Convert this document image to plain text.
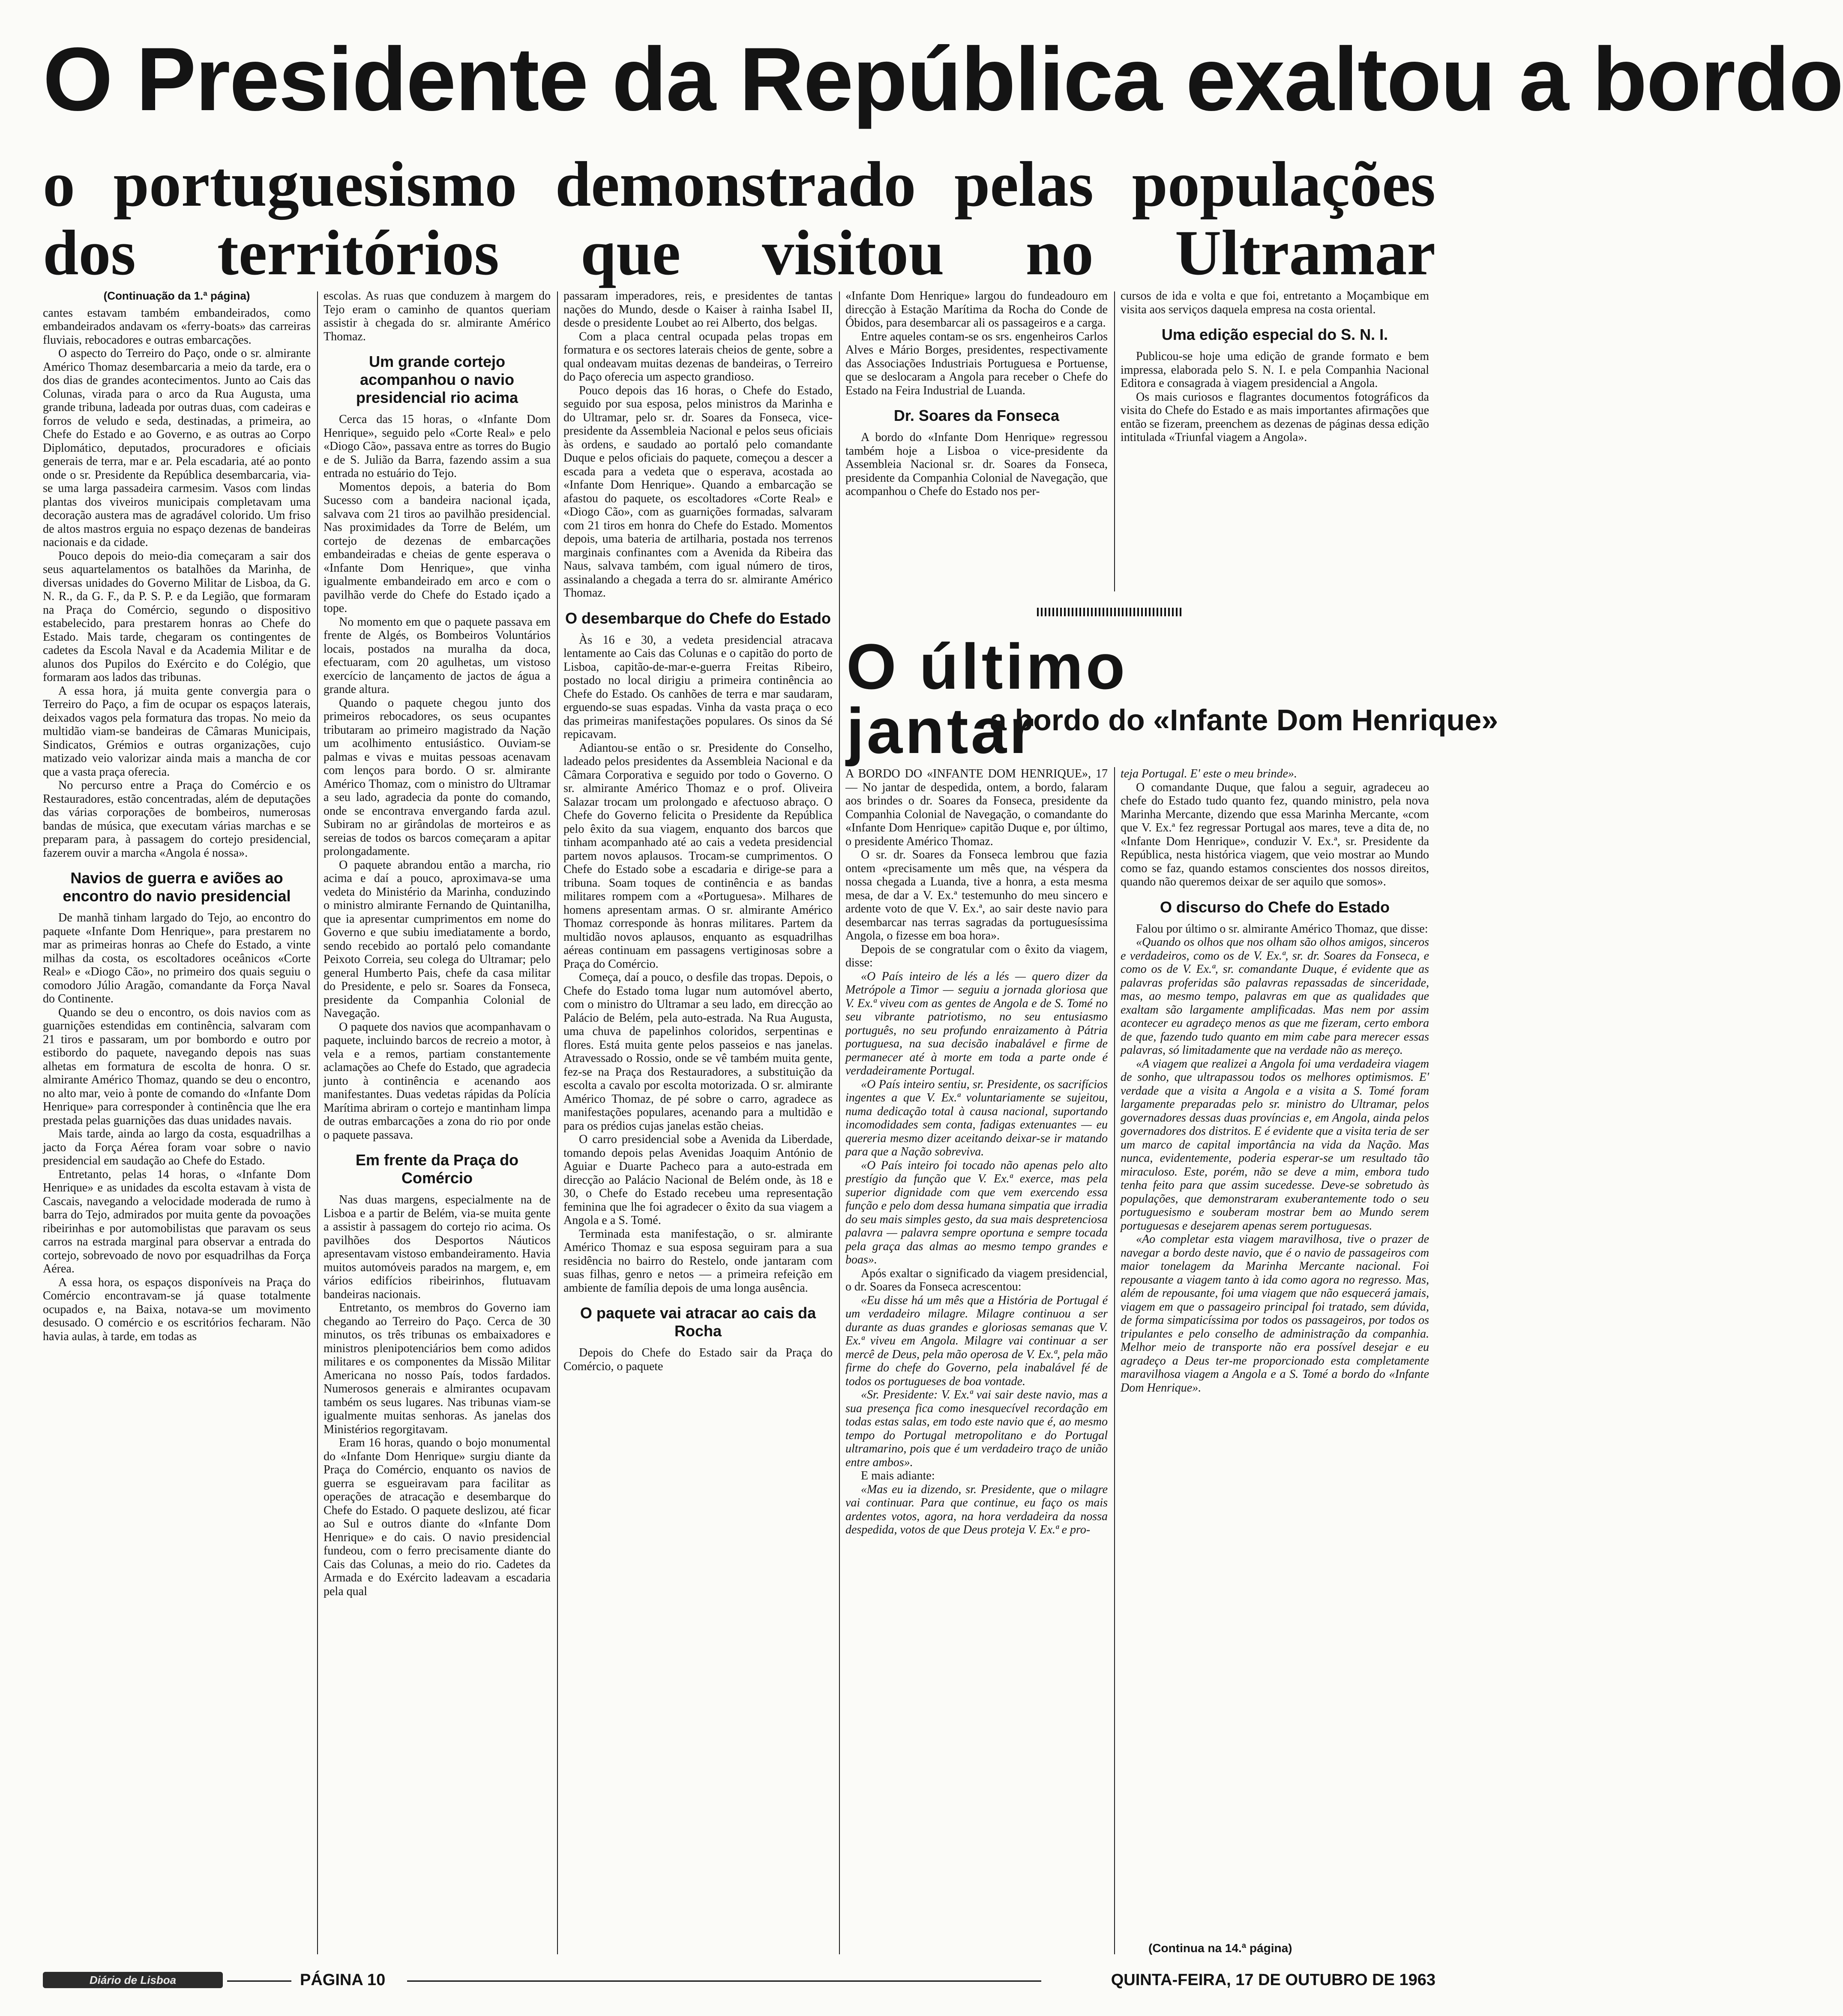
O Presidente da República exaltou a bordo
o portuguesismo demonstrado pelas populações dos territórios que visitou no Ultramar

(Continuação da 1.ª página)

cantes estavam também embandeirados, como embandeirados andavam os «ferry-boats» das carreiras fluviais, rebocadores e outras embarcações.

O aspecto do Terreiro do Paço, onde o sr. almirante Américo Thomaz desembarcaria a meio da tarde, era o dos dias de grandes acontecimentos. Junto ao Cais das Colunas, virada para o arco da Rua Augusta, uma grande tribuna, ladeada por outras duas, com cadeiras e forros de veludo e seda, destinadas, a primeira, ao Chefe do Estado e ao Governo, e as outras ao Corpo Diplomático, deputados, procuradores e oficiais generais de terra, mar e ar. Pela escadaria, até ao ponto onde o sr. Presidente da República desembarcaria, via-se uma larga passadeira carmesim. Vasos com lindas plantas dos viveiros municipais completavam uma decoração austera mas de agradável colorido. Um friso de altos mastros erguia no espaço dezenas de bandeiras nacionais e da cidade.

Pouco depois do meio-dia começaram a sair dos seus aquartelamentos os batalhões da Marinha, de diversas unidades do Governo Militar de Lisboa, da G. N. R., da G. F., da P. S. P. e da Legião, que formaram na Praça do Comércio, segundo o dispositivo estabelecido, para prestarem honras ao Chefe do Estado. Mais tarde, chegaram os contingentes de cadetes da Escola Naval e da Academia Militar e de alunos dos Pupilos do Exército e do Colégio, que formaram aos lados das tribunas.

A essa hora, já muita gente convergia para o Terreiro do Paço, a fim de ocupar os espaços laterais, deixados vagos pela formatura das tropas. No meio da multidão viam-se bandeiras de Câmaras Municipais, Sindicatos, Grémios e outras organizações, cujo matizado veio valorizar ainda mais a mancha de cor que a vasta praça oferecia.

No percurso entre a Praça do Comércio e os Restauradores, estão concentradas, além de deputações das várias corporações de bombeiros, numerosas bandas de música, que executam várias marchas e se preparam para, à passagem do cortejo presidencial, fazerem ouvir a marcha «Angola é nossa».

Navios de guerra e aviões ao encontro do navio presidencial

De manhã tinham largado do Tejo, ao encontro do paquete «Infante Dom Henrique», para prestarem no mar as primeiras honras ao Chefe do Estado, a vinte milhas da costa, os escoltadores oceânicos «Corte Real» e «Diogo Cão», no primeiro dos quais seguiu o comodoro Júlio Aragão, comandante da Força Naval do Continente.

Quando se deu o encontro, os dois navios com as guarnições estendidas em continência, salvaram com 21 tiros e passaram, um por bombordo e outro por estibordo do paquete, navegando depois nas suas alhetas em formatura de escolta de honra. O sr. almirante Américo Thomaz, quando se deu o encontro, no alto mar, veio à ponte de comando do «Infante Dom Henrique» para corresponder à continência que lhe era prestada pelas guarnições das duas unidades navais.

Mais tarde, ainda ao largo da costa, esquadrilhas a jacto da Força Aérea foram voar sobre o navio presidencial em saudação ao Chefe do Estado.

Entretanto, pelas 14 horas, o «Infante Dom Henrique» e as unidades da escolta estavam à vista de Cascais, navegando a velocidade moderada de rumo à barra do Tejo, admirados por muita gente da povoações ribeirinhas e por automobilistas que paravam os seus carros na estrada marginal para observar a entrada do cortejo, sobrevoado de novo por esquadrilhas da Força Aérea.

A essa hora, os espaços disponíveis na Praça do Comércio encontravam-se já quase totalmente ocupados e, na Baixa, notava-se um movimento desusado. O comércio e os escritórios fecharam. Não havia aulas, à tarde, em todas as

escolas. As ruas que conduzem à margem do Tejo eram o caminho de quantos queriam assistir à chegada do sr. almirante Américo Thomaz.

Um grande cortejo acompanhou o navio presidencial rio acima

Cerca das 15 horas, o «Infante Dom Henrique», seguido pelo «Corte Real» e pelo «Diogo Cão», passava entre as torres do Bugio e de S. Julião da Barra, fazendo assim a sua entrada no estuário do Tejo.

Momentos depois, a bateria do Bom Sucesso com a bandeira nacional içada, salvava com 21 tiros ao pavilhão presidencial. Nas proximidades da Torre de Belém, um cortejo de dezenas de embarcações embandeiradas e cheias de gente esperava o «Infante Dom Henrique», que vinha igualmente embandeirado em arco e com o pavilhão verde do Chefe do Estado içado a tope.

No momento em que o paquete passava em frente de Algés, os Bombeiros Voluntários locais, postados na muralha da doca, efectuaram, com 20 agulhetas, um vistoso exercício de lançamento de jactos de água a grande altura.

Quando o paquete chegou junto dos primeiros rebocadores, os seus ocupantes tributaram ao primeiro magistrado da Nação um acolhimento entusiástico. Ouviam-se palmas e vivas e muitas pessoas acenavam com lenços para bordo. O sr. almirante Américo Thomaz, com o ministro do Ultramar a seu lado, agradecia da ponte do comando, onde se encontrava envergando farda azul. Subiram no ar girândolas de morteiros e as sereias de todos os barcos começaram a apitar prolongadamente.

O paquete abrandou então a marcha, rio acima e daí a pouco, aproximava-se uma vedeta do Ministério da Marinha, conduzindo o ministro almirante Fernando de Quintanilha, que ia apresentar cumprimentos em nome do Governo e que subiu imediatamente a bordo, sendo recebido ao portaló pelo comandante Peixoto Correia, seu colega do Ultramar; pelo general Humberto Pais, chefe da casa militar do Presidente, e pelo sr. Soares da Fonseca, presidente da Companhia Colonial de Navegação.

O paquete dos navios que acompanhavam o paquete, incluindo barcos de recreio a motor, à vela e a remos, partiam constantemente aclamações ao Chefe do Estado, que agradecia junto à continência e acenando aos manifestantes. Duas vedetas rápidas da Polícia Marítima abriram o cortejo e mantinham limpa de outras embarcações a zona do rio por onde o paquete passava.

Em frente da Praça do Comércio

Nas duas margens, especialmente na de Lisboa e a partir de Belém, via-se muita gente a assistir à passagem do cortejo rio acima. Os pavilhões dos Desportos Náuticos apresentavam vistoso embandeiramento. Havia muitos automóveis parados na margem, e, em vários edifícios ribeirinhos, flutuavam bandeiras nacionais.

Entretanto, os membros do Governo iam chegando ao Terreiro do Paço. Cerca de 30 minutos, os três tribunas os embaixadores e ministros plenipotenciários bem como adidos militares e os componentes da Missão Militar Americana no nosso País, todos fardados. Numerosos generais e almirantes ocupavam também os seus lugares. Nas tribunas viam-se igualmente muitas senhoras. As janelas dos Ministérios regorgitavam.

Eram 16 horas, quando o bojo monumental do «Infante Dom Henrique» surgiu diante da Praça do Comércio, enquanto os navios de guerra se esgueiravam para facilitar as operações de atracação e desembarque do Chefe do Estado. O paquete deslizou, até ficar ao Sul e outros diante do «Infante Dom Henrique» e do cais. O navio presidencial fundeou, com o ferro precisamente diante do Cais das Colunas, a meio do rio. Cadetes da Armada e do Exército ladeavam a escadaria pela qual

passaram imperadores, reis, e presidentes de tantas nações do Mundo, desde o Kaiser à rainha Isabel II, desde o presidente Loubet ao rei Alberto, dos belgas.

Com a placa central ocupada pelas tropas em formatura e os sectores laterais cheios de gente, sobre a qual ondeavam muitas dezenas de bandeiras, o Terreiro do Paço oferecia um aspecto grandioso.

Pouco depois das 16 horas, o Chefe do Estado, seguido por sua esposa, pelos ministros da Marinha e do Ultramar, pelo sr. dr. Soares da Fonseca, vice-presidente da Assembleia Nacional e pelos seus oficiais às ordens, e saudado ao portaló pelo comandante Duque e pelos oficiais do paquete, começou a descer a escada para a vedeta que o esperava, acostada ao «Infante Dom Henrique». Quando a embarcação se afastou do paquete, os escoltadores «Corte Real» e «Diogo Cão», com as guarnições formadas, salvaram com 21 tiros em honra do Chefe do Estado. Momentos depois, uma bateria de artilharia, postada nos terrenos marginais confinantes com a Avenida da Ribeira das Naus, salvava também, com igual número de tiros, assinalando a chegada a terra do sr. almirante Américo Thomaz.

O desembarque do Chefe do Estado

Às 16 e 30, a vedeta presidencial atracava lentamente ao Cais das Colunas e o capitão do porto de Lisboa, capitão-de-mar-e-guerra Freitas Ribeiro, postado no local dirigiu a primeira continência ao Chefe do Estado. Os canhões de terra e mar saudaram, erguendo-se suas espadas. Vinha da vasta praça o eco das primeiras manifestações populares. Os sinos da Sé repicavam.

Adiantou-se então o sr. Presidente do Conselho, ladeado pelos presidentes da Assembleia Nacional e da Câmara Corporativa e seguido por todo o Governo. O sr. almirante Américo Thomaz e o prof. Oliveira Salazar trocam um prolongado e afectuoso abraço. O Chefe do Governo felicita o Presidente da República pelo êxito da sua viagem, enquanto dos barcos que tinham acompanhado até ao cais a vedeta presidencial partem novos aplausos. Trocam-se cumprimentos. O Chefe do Estado sobe a escadaria e dirige-se para a tribuna. Soam toques de continência e as bandas militares rompem com a «Portuguesa». Milhares de homens apresentam armas. O sr. almirante Américo Thomaz corresponde às honras militares. Partem da multidão novos aplausos, enquanto as esquadrilhas aéreas continuam em passagens vertiginosas sobre a Praça do Comércio.

Começa, daí a pouco, o desfile das tropas. Depois, o Chefe do Estado toma lugar num automóvel aberto, com o ministro do Ultramar a seu lado, em direcção ao Palácio de Belém, pela auto-estrada. Na Rua Augusta, uma chuva de papelinhos coloridos, serpentinas e flores. Está muita gente pelos passeios e nas janelas. Atravessado o Rossio, onde se vê também muita gente, fez-se na Praça dos Restauradores, a substituição da escolta a cavalo por escolta motorizada. O sr. almirante Américo Thomaz, de pé sobre o carro, agradece as manifestações populares, acenando para a multidão e para os prédios cujas janelas estão cheias.

O carro presidencial sobe a Avenida da Liberdade, tomando depois pelas Avenidas Joaquim António de Aguiar e Duarte Pacheco para a auto-estrada em direcção ao Palácio Nacional de Belém onde, às 18 e 30, o Chefe do Estado recebeu uma representação feminina que lhe foi agradecer o êxito da sua viagem a Angola e a S. Tomé.

Terminada esta manifestação, o sr. almirante Américo Thomaz e sua esposa seguiram para a sua residência no bairro do Restelo, onde jantaram com suas filhas, genro e netos — a primeira refeição em ambiente de família depois de uma longa ausência.

O paquete vai atracar ao cais da Rocha

Depois do Chefe do Estado sair da Praça do Comércio, o paquete

«Infante Dom Henrique» largou do fundeadouro em direcção à Estação Marítima da Rocha do Conde de Óbidos, para desembarcar ali os passageiros e a carga.

Entre aqueles contam-se os srs. engenheiros Carlos Alves e Mário Borges, presidentes, respectivamente das Associações Industriais Portuguesa e Portuense, que se deslocaram a Angola para receber o Chefe do Estado na Feira Industrial de Luanda.

Dr. Soares da Fonseca

A bordo do «Infante Dom Henrique» regressou também hoje a Lisboa o vice-presidente da Assembleia Nacional sr. dr. Soares da Fonseca, presidente da Companhia Colonial de Navegação, que acompanhou o Chefe do Estado nos per-

cursos de ida e volta e que foi, entretanto a Moçambique em visita aos serviços daquela empresa na costa oriental.

Uma edição especial do S. N. I.

Publicou-se hoje uma edição de grande formato e bem impressa, elaborada pelo S. N. I. e pela Companhia Nacional Editora e consagrada à viagem presidencial a Angola.

Os mais curiosos e flagrantes documentos fotográficos da visita do Chefe do Estado e as mais importantes afirmações que então se fizeram, preenchem as dezenas de páginas dessa edição intitulada «Triunfal viagem a Angola».

O último jantar
a bordo do «Infante Dom Henrique»

A BORDO DO «INFANTE DOM HENRIQUE», 17 — No jantar de despedida, ontem, a bordo, falaram aos brindes o dr. Soares da Fonseca, presidente da Companhia Colonial de Navegação, o comandante do «Infante Dom Henrique» capitão Duque e, por último, o presidente Américo Thomaz.

O sr. dr. Soares da Fonseca lembrou que fazia ontem «precisamente um mês que, na véspera da nossa chegada a Luanda, tive a honra, a esta mesma mesa, de dar a V. Ex.ª testemunho do meu sincero e ardente voto de que V. Ex.ª, ao sair deste navio para desembarcar nas terras sagradas da portuguesíssima Angola, o fizesse em boa hora».

Depois de se congratular com o êxito da viagem, disse:

«O País inteiro de lés a lés — quero dizer da Metrópole a Timor — seguiu a jornada gloriosa que V. Ex.ª viveu com as gentes de Angola e de S. Tomé no seu vibrante patriotismo, no seu entusiasmo português, no seu profundo enraizamento à Pátria portuguesa, na sua decisão inabalável e firme de permanecer até à morte em toda a parte onde é verdadeiramente Portugal.

«O País inteiro sentiu, sr. Presidente, os sacrifícios ingentes a que V. Ex.ª voluntariamente se sujeitou, numa dedicação total à causa nacional, suportando incomodidades sem conta, fadigas extenuantes — eu quereria mesmo dizer aceitando deixar-se ir matando para que a Nação sobreviva.

«O País inteiro foi tocado não apenas pelo alto prestígio da função que V. Ex.ª exerce, mas pela superior dignidade com que vem exercendo essa função e pelo dom dessa humana simpatia que irradia do seu mais simples gesto, da sua mais despretenciosa palavra — palavra sempre oportuna e sempre tocada pela graça das almas ao mesmo tempo grandes e boas».

Após exaltar o significado da viagem presidencial, o dr. Soares da Fonseca acrescentou:

«Eu disse há um mês que a História de Portugal é um verdadeiro milagre. Milagre continuou a ser durante as duas grandes e gloriosas semanas que V. Ex.ª viveu em Angola. Milagre vai continuar a ser mercê de Deus, pela mão operosa de V. Ex.ª, pela mão firme do chefe do Governo, pela inabalável fé de todos os portugueses de boa vontade.

«Sr. Presidente: V. Ex.ª vai sair deste navio, mas a sua presença fica como inesquecível recordação em todas estas salas, em todo este navio que é, ao mesmo tempo do Portugal metropolitano e do Portugal ultramarino, pois que é um verdadeiro traço de união entre ambos».

E mais adiante:

«Mas eu ia dizendo, sr. Presidente, que o milagre vai continuar. Para que continue, eu faço os mais ardentes votos, agora, na hora verdadeira da nossa despedida, votos de que Deus proteja V. Ex.ª e pro-

teja Portugal. E' este o meu brinde».

O comandante Duque, que falou a seguir, agradeceu ao chefe do Estado tudo quanto fez, quando ministro, pela nova Marinha Mercante, dizendo que essa Marinha Mercante, «com que V. Ex.ª fez regressar Portugal aos mares, teve a dita de, no «Infante Dom Henrique», conduzir V. Ex.ª, sr. Presidente da República, nesta histórica viagem, que veio mostrar ao Mundo como se faz, quando estamos conscientes dos nossos direitos, quando não queremos deixar de ser aquilo que somos».

O discurso do Chefe do Estado

Falou por último o sr. almirante Américo Thomaz, que disse:

«Quando os olhos que nos olham são olhos amigos, sinceros e verdadeiros, como os de V. Ex.ª, sr. dr. Soares da Fonseca, e como os de V. Ex.ª, sr. comandante Duque, é evidente que as palavras proferidas são palavras repassadas de sinceridade, mas, ao mesmo tempo, palavras em que as qualidades que exaltam são largamente amplificadas. Mas nem por assim acontecer eu agradeço menos as que me fizeram, certo embora de que, fazendo tudo quanto em mim cabe para merecer essas palavras, só limitadamente que na verdade não as mereço.

«A viagem que realizei a Angola foi uma verdadeira viagem de sonho, que ultrapassou todos os melhores optimismos. E' verdade que a visita a Angola e a visita a S. Tomé foram largamente preparadas pelo sr. ministro do Ultramar, pelos governadores dessas duas províncias e, em Angola, ainda pelos governadores dos distritos. E é evidente que a visita teria de ser um marco de capital importância na vida da Nação. Mas nunca, evidentemente, poderia esperar-se um resultado tão miraculoso. Este, porém, não se deve a mim, embora tudo tenha feito para que assim sucedesse. Deve-se sobretudo às populações, que demonstraram exuberantemente todo o seu portuguesismo e souberam mostrar bem ao Mundo serem portuguesas e desejarem apenas serem portuguesas.

«Ao completar esta viagem maravilhosa, tive o prazer de navegar a bordo deste navio, que é o navio de passageiros com maior tonelagem da Marinha Mercante nacional. Foi repousante a viagem tanto à ida como agora no regresso. Mas, além de repousante, foi uma viagem que não esquecerá jamais, viagem em que o passageiro principal foi tratado, sem dúvida, de forma simpaticíssima por todos os passageiros, por todos os tripulantes e pelo conselho de administração da companhia. Melhor meio de transporte não era possível desejar e eu agradeço a Deus ter-me proporcionado esta completamente maravilhosa viagem a Angola e a S. Tomé a bordo do «Infante Dom Henrique».

(Continua na 14.ª página)
Diário de Lisboa	PÁGINA 10	QUINTA-FEIRA, 17 DE OUTUBRO DE 1963
